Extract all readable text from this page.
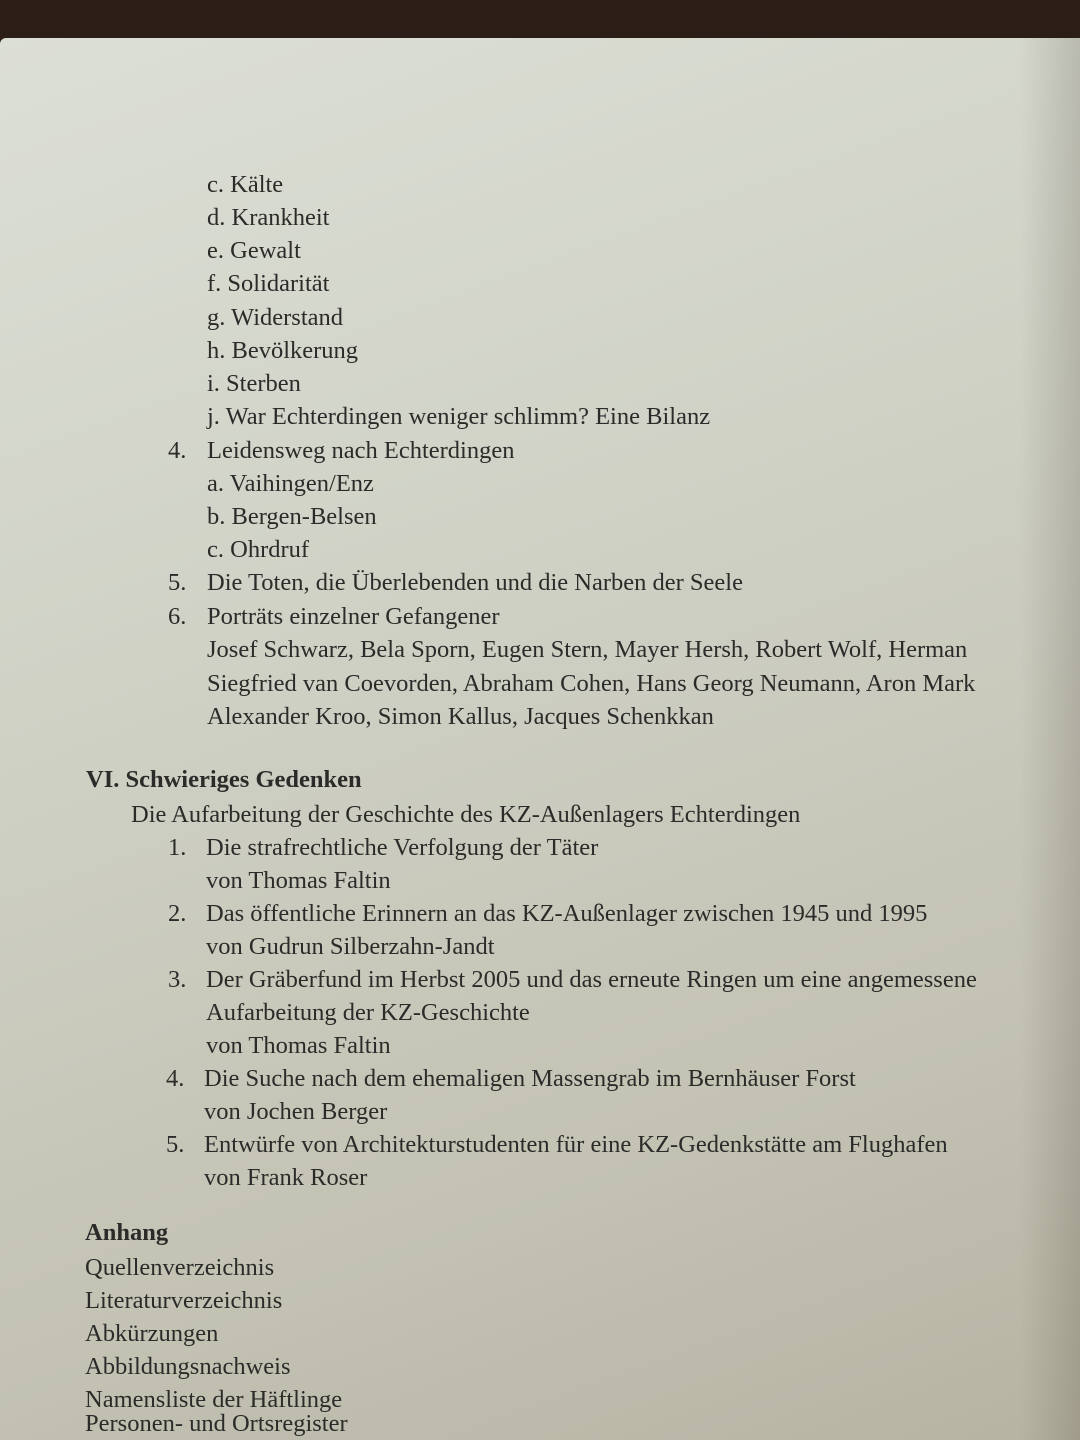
c. Kälte
d. Krankheit
e. Gewalt
f. Solidarität
g. Widerstand
h. Bevölkerung
i. Sterben
j. War Echterdingen weniger schlimm? Eine Bilanz
4. Leidensweg nach Echterdingen
a. Vaihingen/Enz
b. Bergen-Belsen
c. Ohrdruf
5. Die Toten, die Überlebenden und die Narben der Seele
6. Porträts einzelner Gefangener
Josef Schwarz, Bela Sporn, Eugen Stern, Mayer Hersh, Robert Wolf, Herman
Siegfried van Coevorden, Abraham Cohen, Hans Georg Neumann, Aron Mark
Alexander Kroo, Simon Kallus, Jacques Schenkkan
VI. Schwieriges Gedenken
Die Aufarbeitung der Geschichte des KZ-Außenlagers Echterdingen
1. Die strafrechtliche Verfolgung der Täter
von Thomas Faltin
2. Das öffentliche Erinnern an das KZ-Außenlager zwischen 1945 und 1995
von Gudrun Silberzahn-Jandt
3. Der Gräberfund im Herbst 2005 und das erneute Ringen um eine angemessene
Aufarbeitung der KZ-Geschichte
von Thomas Faltin
4. Die Suche nach dem ehemaligen Massengrab im Bernhäuser Forst
von Jochen Berger
5. Entwürfe von Architekturstudenten für eine KZ-Gedenkstätte am Flughafen
von Frank Roser
Anhang
Quellenverzeichnis
Literaturverzeichnis
Abkürzungen
Abbildungsnachweis
Namensliste der Häftlinge
Personen- und Ortsregister
